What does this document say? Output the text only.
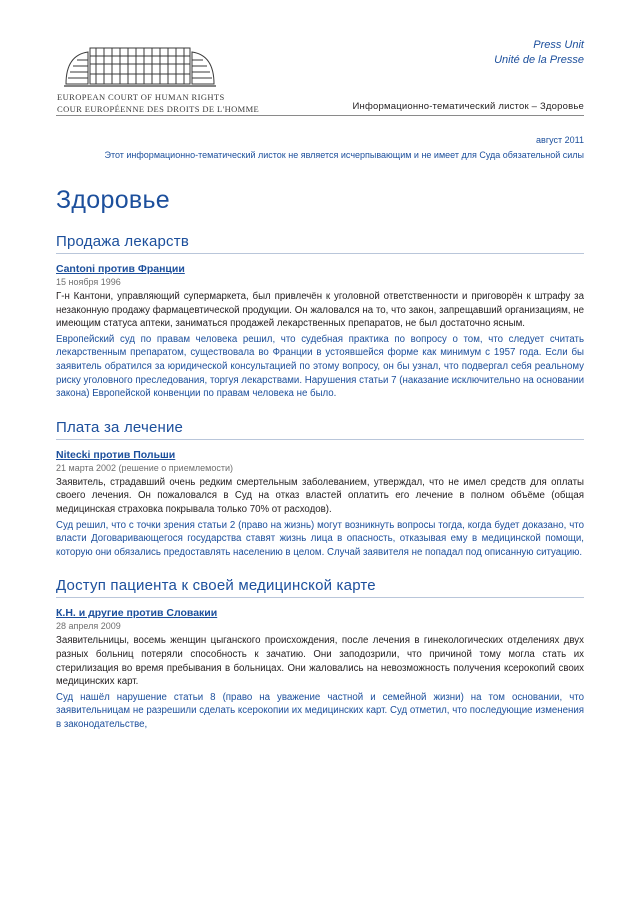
Press Unit
Unité de la Presse
EUROPEAN COURT OF HUMAN RIGHTS
COUR EUROPÉENNE DES DROITS DE L'HOMME	Информационно-тематический листок – Здоровье
август 2011
Этот информационно-тематический листок не является исчерпывающим и не имеет для Суда обязательной силы
Здоровье
Продажа лекарств
Cantoni против Франции
15 ноября 1996

Г-н Кантони, управляющий супермаркета, был привлечён к уголовной ответственности и приговорён к штрафу за незаконную продажу фармацевтической продукции. Он жаловался на то, что закон, запрещавший организациям, не имеющим статуса аптеки, заниматься продажей лекарственных препаратов, не был достаточно ясным.

Европейский суд по правам человека решил, что судебная практика по вопросу о том, что следует считать лекарственным препаратом, существовала во Франции в устоявшейся форме как минимум с 1957 года. Если бы заявитель обратился за юридической консультацией по этому вопросу, он бы узнал, что подвергал себя реальному риску уголовного преследования, торгуя лекарствами. Нарушения статьи 7 (наказание исключительно на основании закона) Европейской конвенции по правам человека не было.

Плата за лечение
Nitecki против Польши
21 марта 2002 (решение о приемлемости)

Заявитель, страдавший очень редким смертельным заболеванием, утверждал, что не имел средств для оплаты своего лечения. Он пожаловался в Суд на отказ властей оплатить его лечение в полном объёме (общая медицинская страховка покрывала только 70% от расходов).

Суд решил, что с точки зрения статьи 2 (право на жизнь) могут возникнуть вопросы тогда, когда будет доказано, что власти Договаривающегося государства ставят жизнь лица в опасность, отказывая ему в медицинской помощи, которую они обязались предоставлять населению в целом. Случай заявителя не попадал под описанную ситуацию.

Доступ пациента к своей медицинской карте
К.Н. и другие против Словакии
28 апреля 2009

Заявительницы, восемь женщин цыганского происхождения, после лечения в гинекологических отделениях двух разных больниц потеряли способность к зачатию. Они заподозрили, что причиной тому могла стать их стерилизация во время пребывания в больницах. Они жаловались на невозможность получения ксерокопий своих медицинских карт.

Суд нашёл нарушение статьи 8 (право на уважение частной и семейной жизни) на том основании, что заявительницам не разрешили сделать ксерокопии их медицинских карт. Суд отметил, что последующие изменения в законодательстве,
